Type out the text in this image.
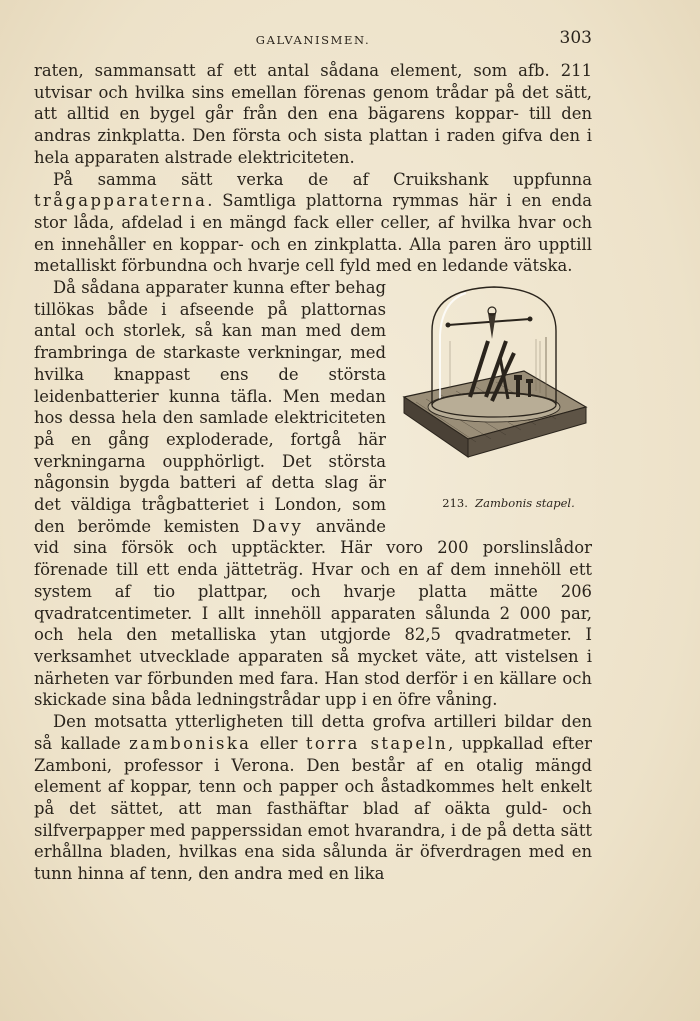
GALVANISMEN.	303

raten, sammansatt af ett antal sådana element, som afb. 211 utvisar och hvilka sins emellan förenas genom trådar på det sätt, att alltid en bygel går från den ena bägarens koppar- till den andras zinkplatta. Den första och sista plattan i raden gifva den i hela apparaten alstrade elektriciteten.

På samma sätt verka de af Cruikshank uppfunna trågapparaterna. Samtliga plattorna rymmas här i en enda stor låda, afdelad i en mängd fack eller celler, af hvilka hvar och en innehåller en koppar- och en zinkplatta. Alla paren äro upptill metalliskt förbundna och hvarje cell fyld med en ledande vätska.

213. Zambonis stapel.
Då sådana apparater kunna efter behag tillökas både i afseende på plattornas antal och storlek, så kan man med dem frambringa de starkaste verkningar, med hvilka knappast ens de största leidenbatterier kunna täfla. Men medan hos dessa hela den samlade elektriciteten på en gång exploderade, fortgå här verkningarna oupphörligt. Det största någonsin bygda batteri af detta slag är det väldiga trågbatteriet i London, som den berömde kemisten Davy använde vid sina försök och upptäckter. Här voro 200 porslinslådor förenade till ett enda jätteträg. Hvar och en af dem innehöll ett system af tio plattpar, och hvarje platta mätte 206 qvadratcentimeter. I allt innehöll apparaten sålunda 2 000 par, och hela den metalliska ytan utgjorde 82,5 qvadratmeter. I verksamhet utvecklade apparaten så mycket väte, att vistelsen i närheten var förbunden med fara. Han stod derför i en källare och skickade sina båda ledningstrådar upp i en öfre våning.

Den motsatta ytterligheten till detta grofva artilleri bildar den så kallade zamboniska eller torra stapeln, uppkallad efter Zamboni, professor i Verona. Den består af en otalig mängd element af koppar, tenn och papper och åstadkommes helt enkelt på det sättet, att man fasthäftar blad af oäkta guld- och silfverpapper med papperssidan emot hvarandra, i de på detta sätt erhållna bladen, hvilkas ena sida sålunda är öfverdragen med en tunn hinna af tenn, den andra med en lika
